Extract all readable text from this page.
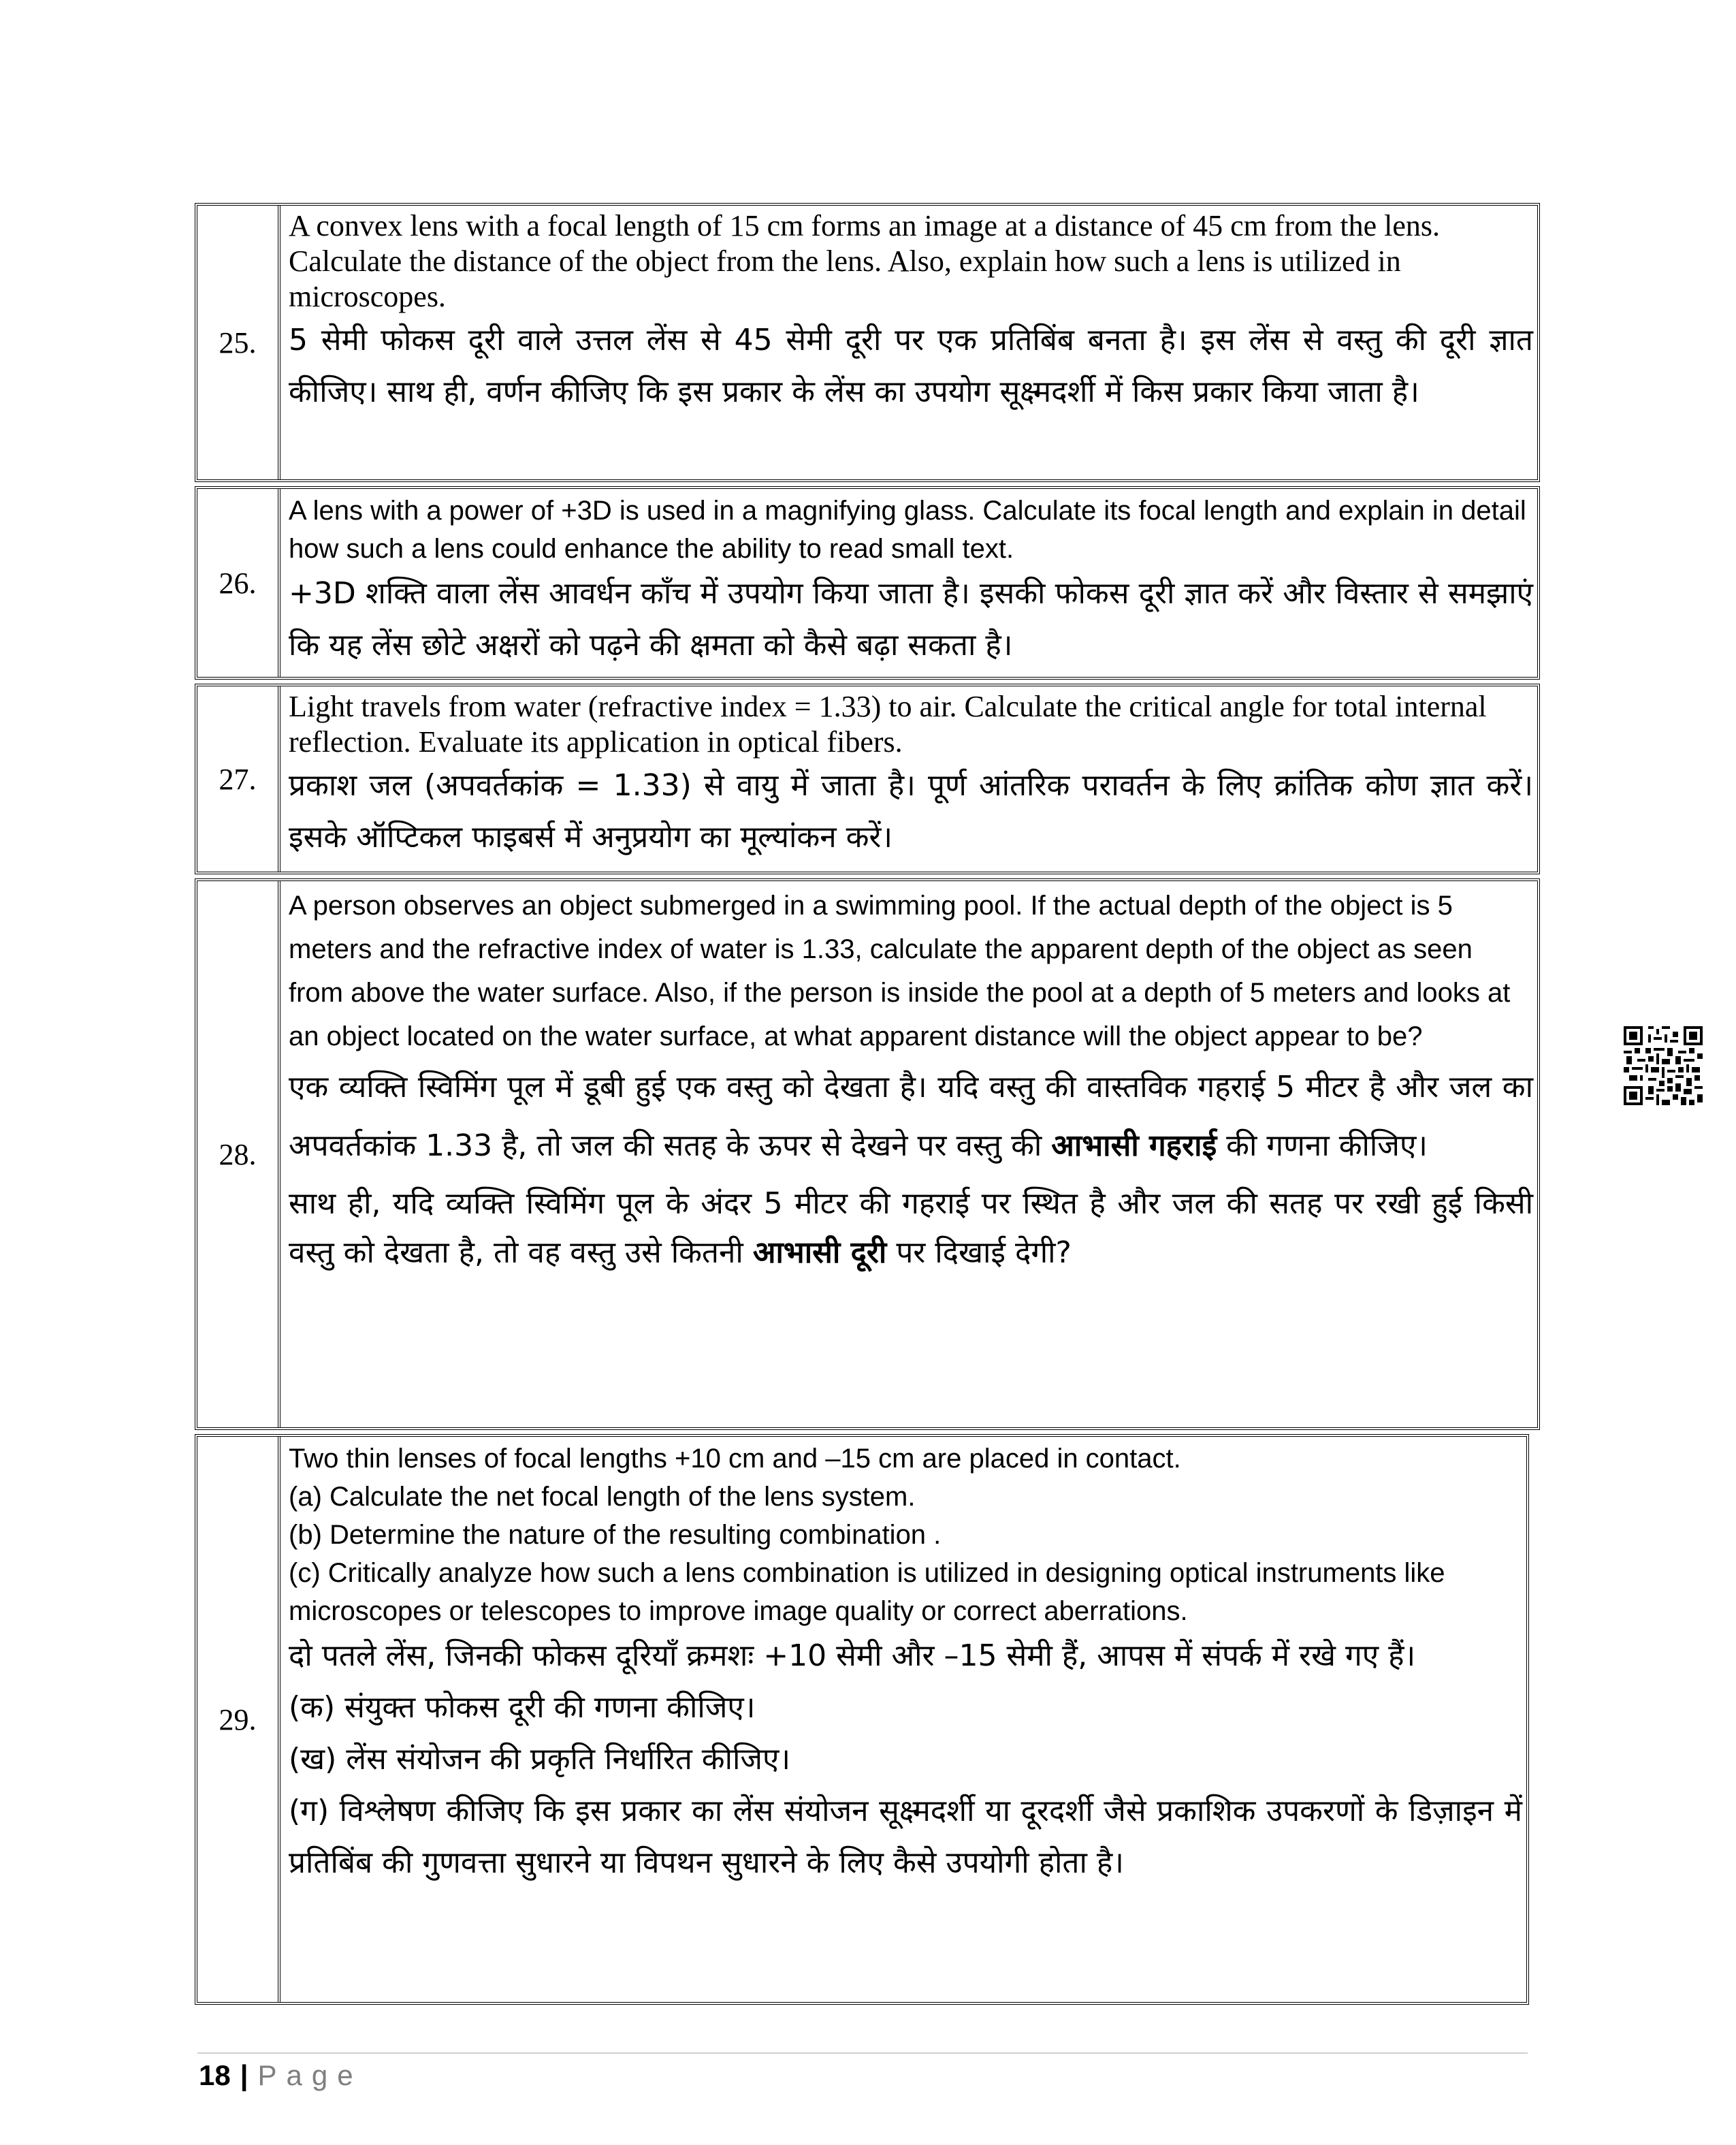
25.
A convex lens with a focal length of 15 cm forms an image at a distance of 45 cm from the lens. Calculate the distance of the object from the lens. Also, explain how such a lens is utilized in microscopes.
5 सेमी फोकस दूरी वाले उत्तल लेंस से 45 सेमी दूरी पर एक प्रतिबिंब बनता है। इस लेंस से वस्तु की दूरी ज्ञात कीजिए। साथ ही, वर्णन कीजिए कि इस प्रकार के लेंस का उपयोग सूक्ष्मदर्शी में किस प्रकार किया जाता है।
26.
A lens with a power of +3D is used in a magnifying glass. Calculate its focal length and explain in detail how such a lens could enhance the ability to read small text.
+3D शक्ति वाला लेंस आवर्धन काँच में उपयोग किया जाता है। इसकी फोकस दूरी ज्ञात करें और विस्तार से समझाएं कि यह लेंस छोटे अक्षरों को पढ़ने की क्षमता को कैसे बढ़ा सकता है।
27.
Light travels from water (refractive index = 1.33) to air. Calculate the critical angle for total internal reflection. Evaluate its application in optical fibers.
प्रकाश जल (अपवर्तकांक = 1.33) से वायु में जाता है। पूर्ण आंतरिक परावर्तन के लिए क्रांतिक कोण ज्ञात करें। इसके ऑप्टिकल फाइबर्स में अनुप्रयोग का मूल्यांकन करें।
28.
A person observes an object submerged in a swimming pool. If the actual depth of the object is 5 meters and the refractive index of water is 1.33, calculate the apparent depth of the object as seen from above the water surface. Also, if the person is inside the pool at a depth of 5 meters and looks at an object located on the water surface, at what apparent distance will the object appear to be?
एक व्यक्ति स्विमिंग पूल में डूबी हुई एक वस्तु को देखता है। यदि वस्तु की वास्तविक गहराई 5 मीटर है और जल का अपवर्तकांक 1.33 है, तो जल की सतह के ऊपर से देखने पर वस्तु की आभासी गहराई की गणना कीजिए।
साथ ही, यदि व्यक्ति स्विमिंग पूल के अंदर 5 मीटर की गहराई पर स्थित है और जल की सतह पर रखी हुई किसी वस्तु को देखता है, तो वह वस्तु उसे कितनी आभासी दूरी पर दिखाई देगी?
29.
Two thin lenses of focal lengths +10 cm and –15 cm are placed in contact.
(a) Calculate the net focal length of the lens system.
(b) Determine the nature of the resulting combination .
(c) Critically analyze how such a lens combination is utilized in designing optical instruments like microscopes or telescopes to improve image quality or correct aberrations.
दो पतले लेंस, जिनकी फोकस दूरियाँ क्रमशः +10 सेमी और –15 सेमी हैं, आपस में संपर्क में रखे गए हैं।
(क) संयुक्त फोकस दूरी की गणना कीजिए।
(ख) लेंस संयोजन की प्रकृति निर्धारित कीजिए।
(ग) विश्लेषण कीजिए कि इस प्रकार का लेंस संयोजन सूक्ष्मदर्शी या दूरदर्शी जैसे प्रकाशिक उपकरणों के डिज़ाइन में प्रतिबिंब की गुणवत्ता सुधारने या विपथन सुधारने के लिए कैसे उपयोगी होता है।
18 | Page
